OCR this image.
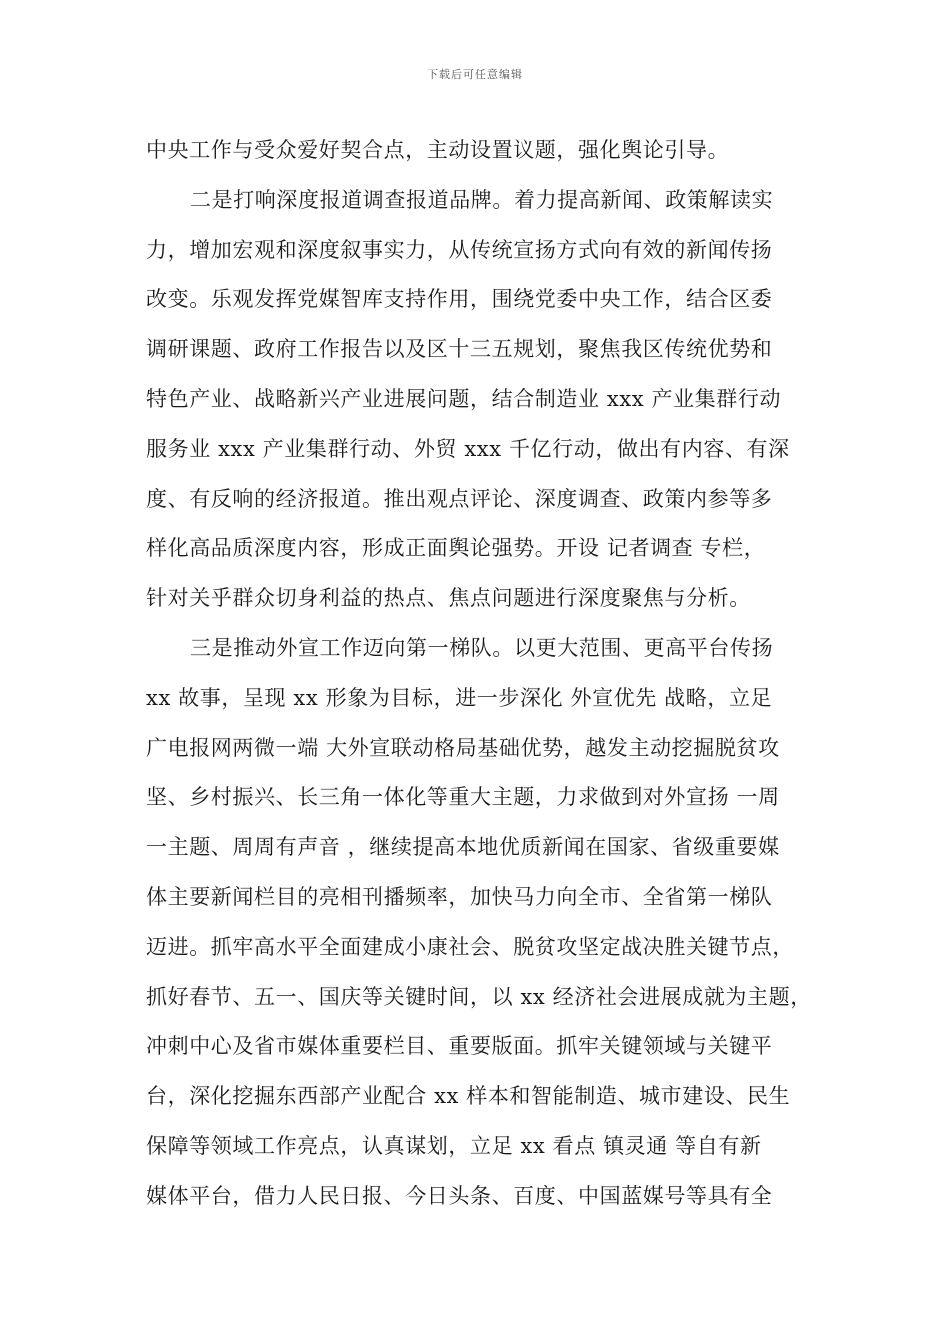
下载后可任意编辑
中央工作与受众爱好契合点，主动设置议题，强化舆论引导。
二是打响深度报道调查报道品牌。着力提高新闻、政策解读实
力，增加宏观和深度叙事实力，从传统宣扬方式向有效的新闻传扬
改变。乐观发挥党媒智库支持作用，围绕党委中央工作，结合区委
调研课题、政府工作报告以及区十三五规划，聚焦我区传统优势和
特色产业、战略新兴产业进展问题，结合制造业 xxx 产业集群行动
服务业 xxx 产业集群行动、外贸 xxx 千亿行动，做出有内容、有深
度、有反响的经济报道。推出观点评论、深度调查、政策内参等多
样化高品质深度内容，形成正面舆论强势。开设 记者调查 专栏，
针对关乎群众切身利益的热点、焦点问题进行深度聚焦与分析。
三是推动外宣工作迈向第一梯队。以更大范围、更高平台传扬
xx 故事，呈现 xx 形象为目标，进一步深化 外宣优先 战略，立足
广电报网两微一端 大外宣联动格局基础优势，越发主动挖掘脱贫攻
坚、乡村振兴、长三角一体化等重大主题，力求做到对外宣扬 一周
一主题、周周有声音 ，继续提高本地优质新闻在国家、省级重要媒
体主要新闻栏目的亮相刊播频率，加快马力向全市、全省第一梯队
迈进。抓牢高水平全面建成小康社会、脱贫攻坚定战决胜关键节点，
抓好春节、五一、国庆等关键时间，以 xx 经济社会进展成就为主题，
冲刺中心及省市媒体重要栏目、重要版面。抓牢关键领域与关键平
台，深化挖掘东西部产业配合 xx 样本和智能制造、城市建设、民生
保障等领域工作亮点，认真谋划，立足 xx 看点 镇灵通 等自有新
媒体平台，借力人民日报、今日头条、百度、中国蓝媒号等具有全
